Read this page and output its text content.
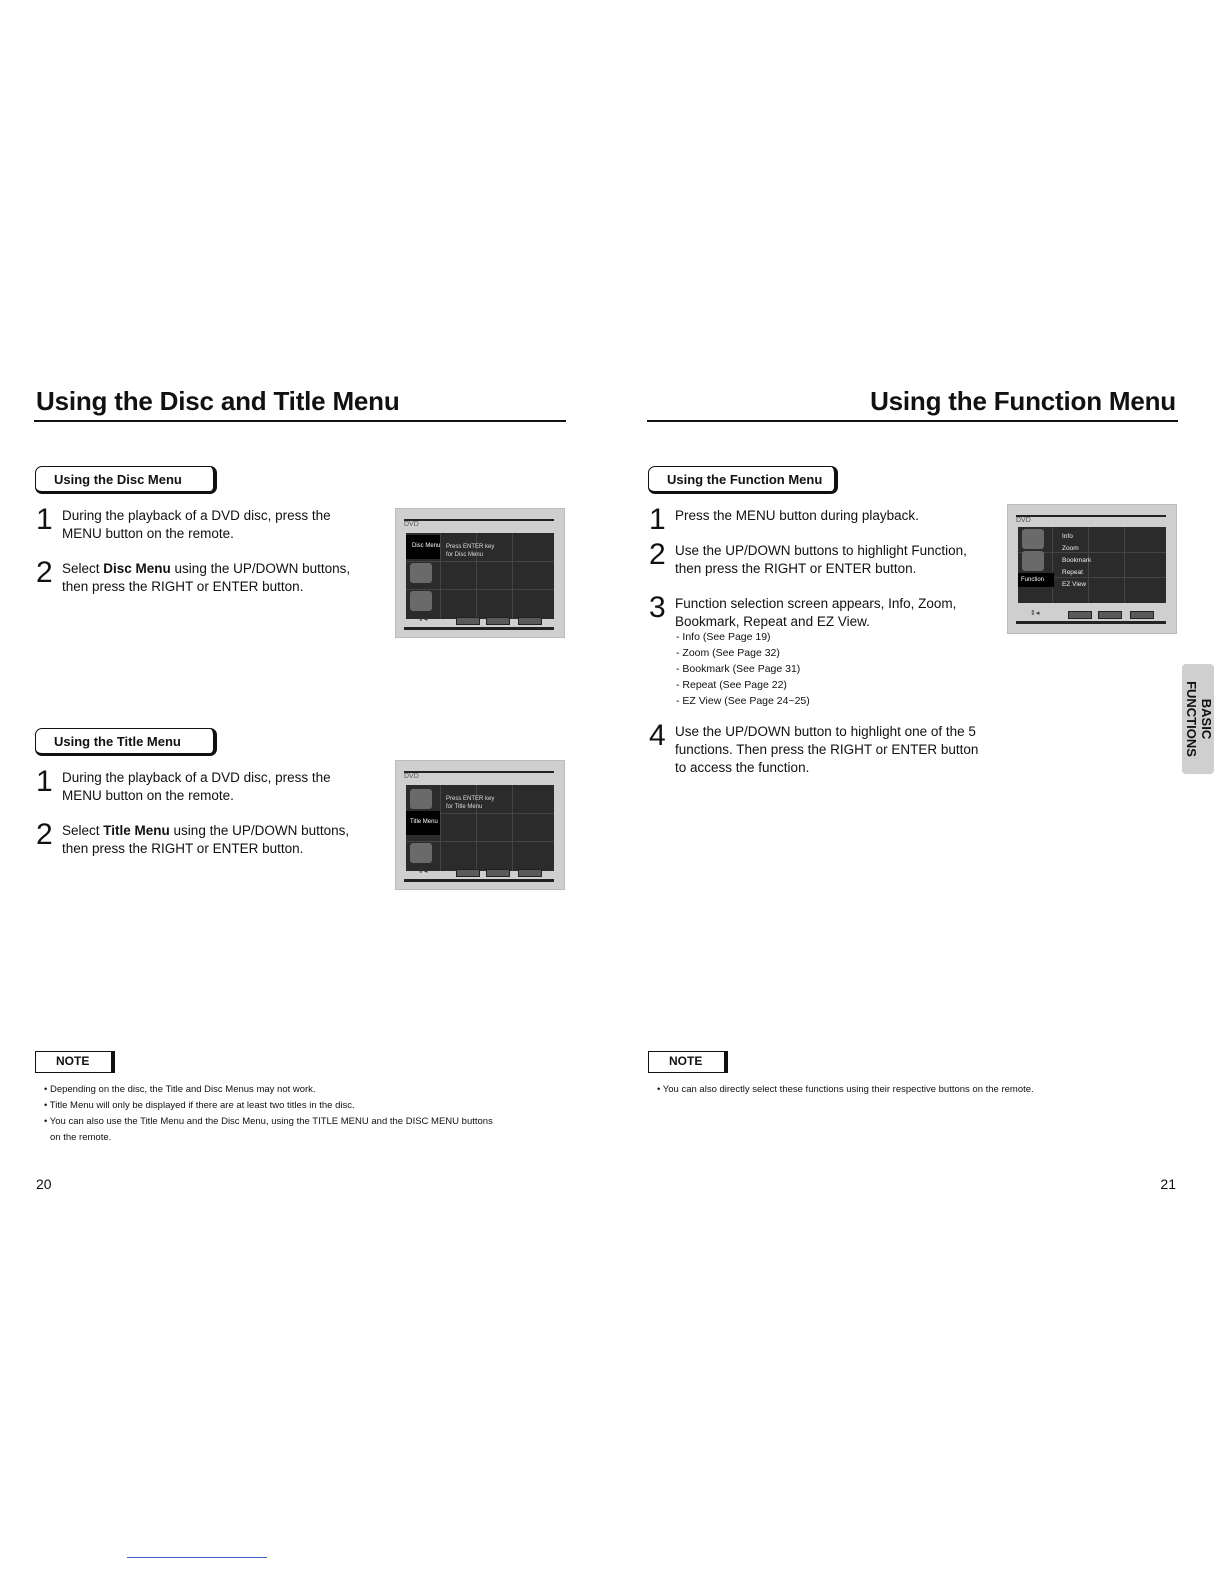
Using the Disc and Title Menu
Using the Disc Menu
1 During the playback of a DVD disc, press the
MENU button on the remote.
2 Select Disc Menu using the UP/DOWN buttons,
then press the RIGHT or ENTER button.
DVD
Disc Menu Press ENTER key
for Disc Menu
⇕◂
Using the Title Menu
1 During the playback of a DVD disc, press the
MENU button on the remote.
2 Select Title Menu using the UP/DOWN buttons,
then press the RIGHT or ENTER button.
DVD
Title Menu
Press ENTER key
for Title Menu
⇕◂
NOTE
• Depending on the disc, the Title and Disc Menus may not work.
• Title Menu will only be displayed if there are at least two titles in the disc.
• You can also use the Title Menu and the Disc Menu, using the TITLE MENU and the DISC MENU buttons
on the remote.
20
Using the Function Menu
Using the Function Menu
1 Press the MENU button during playback.
2 Use the UP/DOWN buttons to highlight Function,
then press the RIGHT or ENTER button.
3 Function selection screen appears, Info, Zoom,
Bookmark, Repeat and EZ View.
- Info (See Page 19)
- Zoom (See Page 32)
- Bookmark (See Page 31)
- Repeat (See Page 22)
- EZ View (See Page 24~25)
4 Use the UP/DOWN button to highlight one of the 5
functions. Then press the RIGHT or ENTER button
to access the function.
DVD
Function
Info
Zoom
Bookmark
Repeat
EZ View
⇕◂
NOTE
• You can also directly select these functions using their respective buttons on the remote.
21
BASIC
FUNCTIONS
